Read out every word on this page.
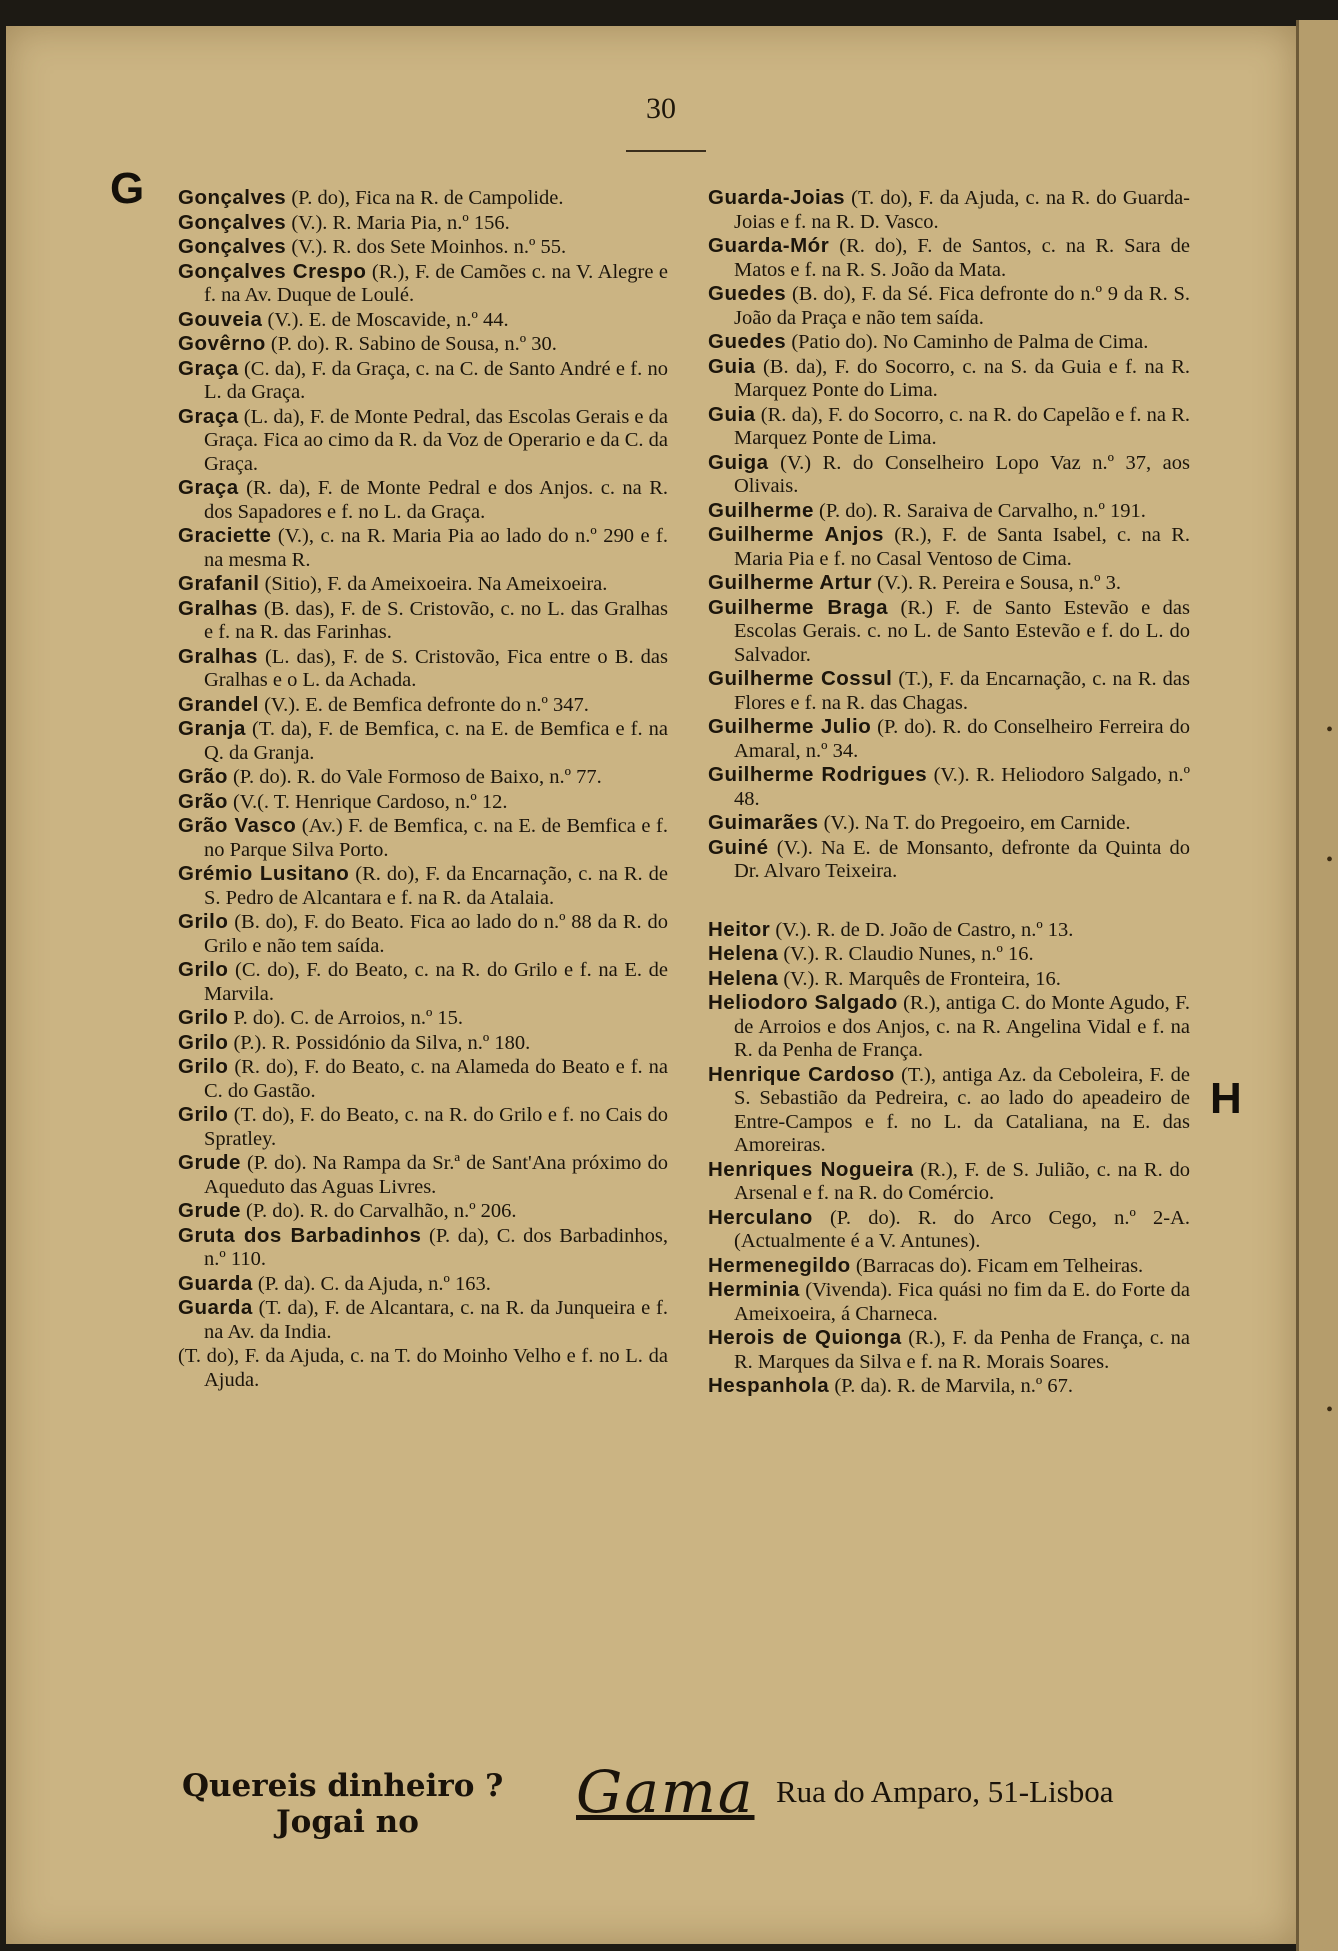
30
G
H
Gonçalves (P. do), Fica na R. de Campolide.
Gonçalves (V.). R. Maria Pia, n.º 156.
Gonçalves (V.). R. dos Sete Moinhos. n.º 55.
Gonçalves Crespo (R.), F. de Camões c. na V. Alegre e f. na Av. Duque de Loulé.
Gouveia (V.). E. de Moscavide, n.º 44.
Govêrno (P. do). R. Sabino de Sousa, n.º 30.
Graça (C. da), F. da Graça, c. na C. de Santo André e f. no L. da Graça.
Graça (L. da), F. de Monte Pedral, das Escolas Gerais e da Graça. Fica ao cimo da R. da Voz de Operario e da C. da Graça.
Graça (R. da), F. de Monte Pedral e dos Anjos. c. na R. dos Sapadores e f. no L. da Graça.
Graciette (V.), c. na R. Maria Pia ao lado do n.º 290 e f. na mesma R.
Grafanil (Sitio), F. da Ameixoeira. Na Ameixoeira.
Gralhas (B. das), F. de S. Cristovão, c. no L. das Gralhas e f. na R. das Farinhas.
Gralhas (L. das), F. de S. Cristovão, Fica entre o B. das Gralhas e o L. da Achada.
Grandel (V.). E. de Bemfica defronte do n.º 347.
Granja (T. da), F. de Bemfica, c. na E. de Bemfica e f. na Q. da Granja.
Grão (P. do). R. do Vale Formoso de Baixo, n.º 77.
Grão (V.(. T. Henrique Cardoso, n.º 12.
Grão Vasco (Av.) F. de Bemfica, c. na E. de Bemfica e f. no Parque Silva Porto.
Grémio Lusitano (R. do), F. da Encarnação, c. na R. de S. Pedro de Alcantara e f. na R. da Atalaia.
Grilo (B. do), F. do Beato. Fica ao lado do n.º 88 da R. do Grilo e não tem saída.
Grilo (C. do), F. do Beato, c. na R. do Grilo e f. na E. de Marvila.
Grilo P. do). C. de Arroios, n.º 15.
Grilo (P.). R. Possidónio da Silva, n.º 180.
Grilo (R. do), F. do Beato, c. na Alameda do Beato e f. na C. do Gastão.
Grilo (T. do), F. do Beato, c. na R. do Grilo e f. no Cais do Spratley.
Grude (P. do). Na Rampa da Sr.ª de Sant'Ana próximo do Aqueduto das Aguas Livres.
Grude (P. do). R. do Carvalhão, n.º 206.
Gruta dos Barbadinhos (P. da), C. dos Barbadinhos, n.º 110.
Guarda (P. da). C. da Ajuda, n.º 163.
Guarda (T. da), F. de Alcantara, c. na R. da Junqueira e f. na Av. da India.
(T. do), F. da Ajuda, c. na T. do Moinho Velho e f. no L. da Ajuda.
Guarda-Joias (T. do), F. da Ajuda, c. na R. do Guarda-Joias e f. na R. D. Vasco.
Guarda-Mór (R. do), F. de Santos, c. na R. Sara de Matos e f. na R. S. João da Mata.
Guedes (B. do), F. da Sé. Fica defronte do n.º 9 da R. S. João da Praça e não tem saída.
Guedes (Patio do). No Caminho de Palma de Cima.
Guia (B. da), F. do Socorro, c. na S. da Guia e f. na R. Marquez Ponte do Lima.
Guia (R. da), F. do Socorro, c. na R. do Capelão e f. na R. Marquez Ponte de Lima.
Guiga (V.) R. do Conselheiro Lopo Vaz n.º 37, aos Olivais.
Guilherme (P. do). R. Saraiva de Carvalho, n.º 191.
Guilherme Anjos (R.), F. de Santa Isabel, c. na R. Maria Pia e f. no Casal Ventoso de Cima.
Guilherme Artur (V.). R. Pereira e Sousa, n.º 3.
Guilherme Braga (R.) F. de Santo Estevão e das Escolas Gerais. c. no L. de Santo Estevão e f. do L. do Salvador.
Guilherme Cossul (T.), F. da Encarnação, c. na R. das Flores e f. na R. das Chagas.
Guilherme Julio (P. do). R. do Conselheiro Ferreira do Amaral, n.º 34.
Guilherme Rodrigues (V.). R. Heliodoro Salgado, n.º 48.
Guimarães (V.). Na T. do Pregoeiro, em Carnide.
Guiné (V.). Na E. de Monsanto, defronte da Quinta do Dr. Alvaro Teixeira.
Heitor (V.). R. de D. João de Castro, n.º 13.
Helena (V.). R. Claudio Nunes, n.º 16.
Helena (V.). R. Marquês de Fronteira, 16.
Heliodoro Salgado (R.), antiga C. do Monte Agudo, F. de Arroios e dos Anjos, c. na R. Angelina Vidal e f. na R. da Penha de França.
Henrique Cardoso (T.), antiga Az. da Ceboleira, F. de S. Sebastião da Pedreira, c. ao lado do apeadeiro de Entre-Campos e f. no L. da Cataliana, na E. das Amoreiras.
Henriques Nogueira (R.), F. de S. Julião, c. na R. do Arsenal e f. na R. do Comércio.
Herculano (P. do). R. do Arco Cego, n.º 2-A. (Actualmente é a V. Antunes).
Hermenegildo (Barracas do). Ficam em Telheiras.
Herminia (Vivenda). Fica quási no fim da E. do Forte da Ameixoeira, á Charneca.
Herois de Quionga (R.), F. da Penha de França, c. na R. Marques da Silva e f. na R. Morais Soares.
Hespanhola (P. da). R. de Marvila, n.º 67.
Quereis dinheiro ?
Jogai no	Gama Rua do Amparo, 51-Lisboa
•
•
•
